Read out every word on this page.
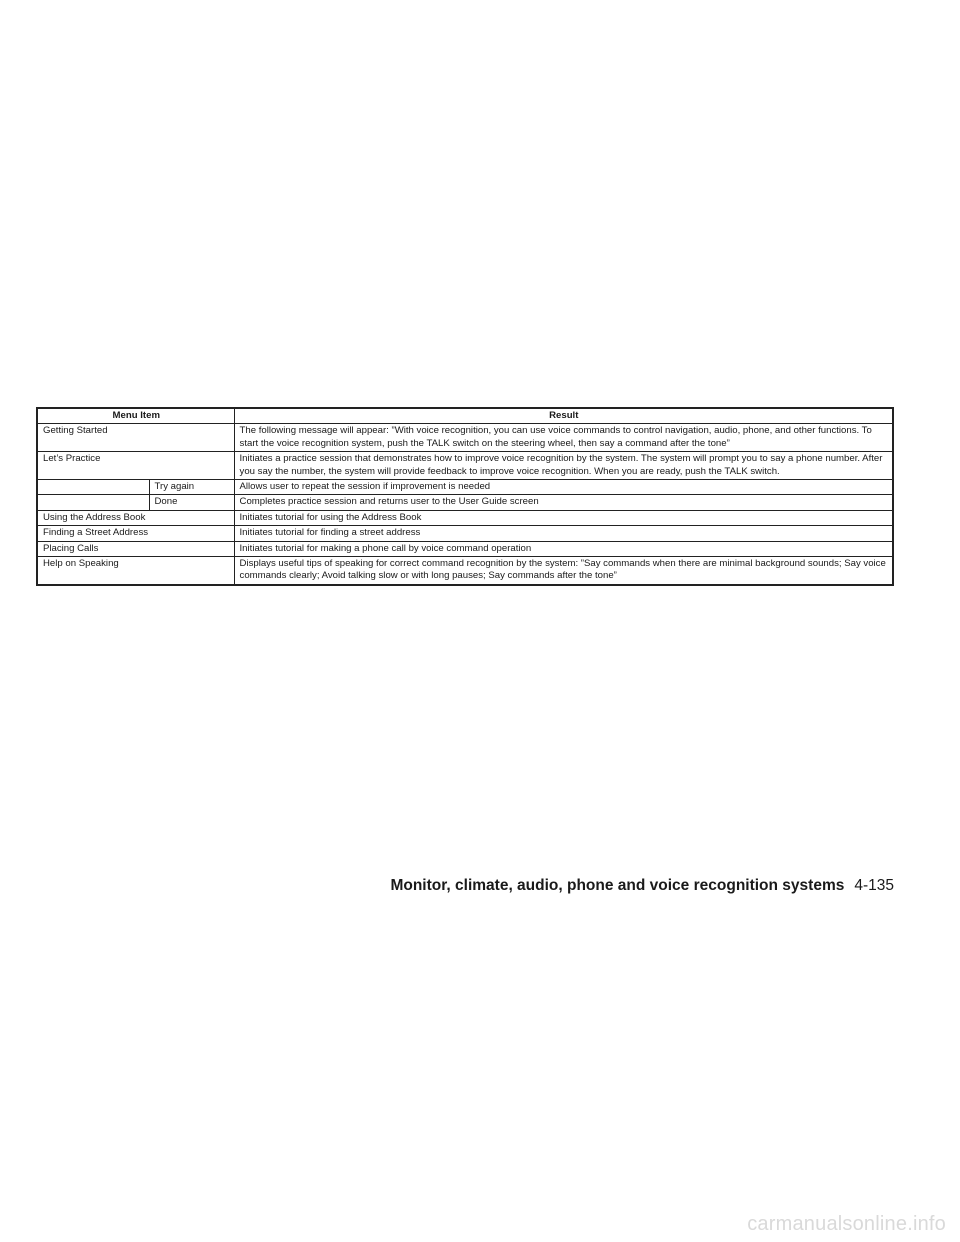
Menu Item		Result
Getting Started		The following message will appear: ”With voice recognition, you can use voice commands to control navigation, audio, phone, and other functions. To start the voice recognition system, push the TALK switch on the steering wheel, then say a command after the tone”
Let’s Practice		Initiates a practice session that demonstrates how to improve voice recognition by the system. The system will prompt you to say a phone number. After you say the number, the system will provide feedback to improve voice recognition. When you are ready, push the TALK switch.
	Try again	Allows user to repeat the session if improvement is needed
	Done	Completes practice session and returns user to the User Guide screen
Using the Address Book		Initiates tutorial for using the Address Book
Finding a Street Address		Initiates tutorial for finding a street address
Placing Calls		Initiates tutorial for making a phone call by voice command operation
Help on Speaking		Displays useful tips of speaking for correct command recognition by the system: ”Say commands when there are minimal background sounds; Say voice commands clearly; Avoid talking slow or with long pauses; Say commands after the tone”
Monitor, climate, audio, phone and voice recognition systems 4-135
carmanualsonline.info
